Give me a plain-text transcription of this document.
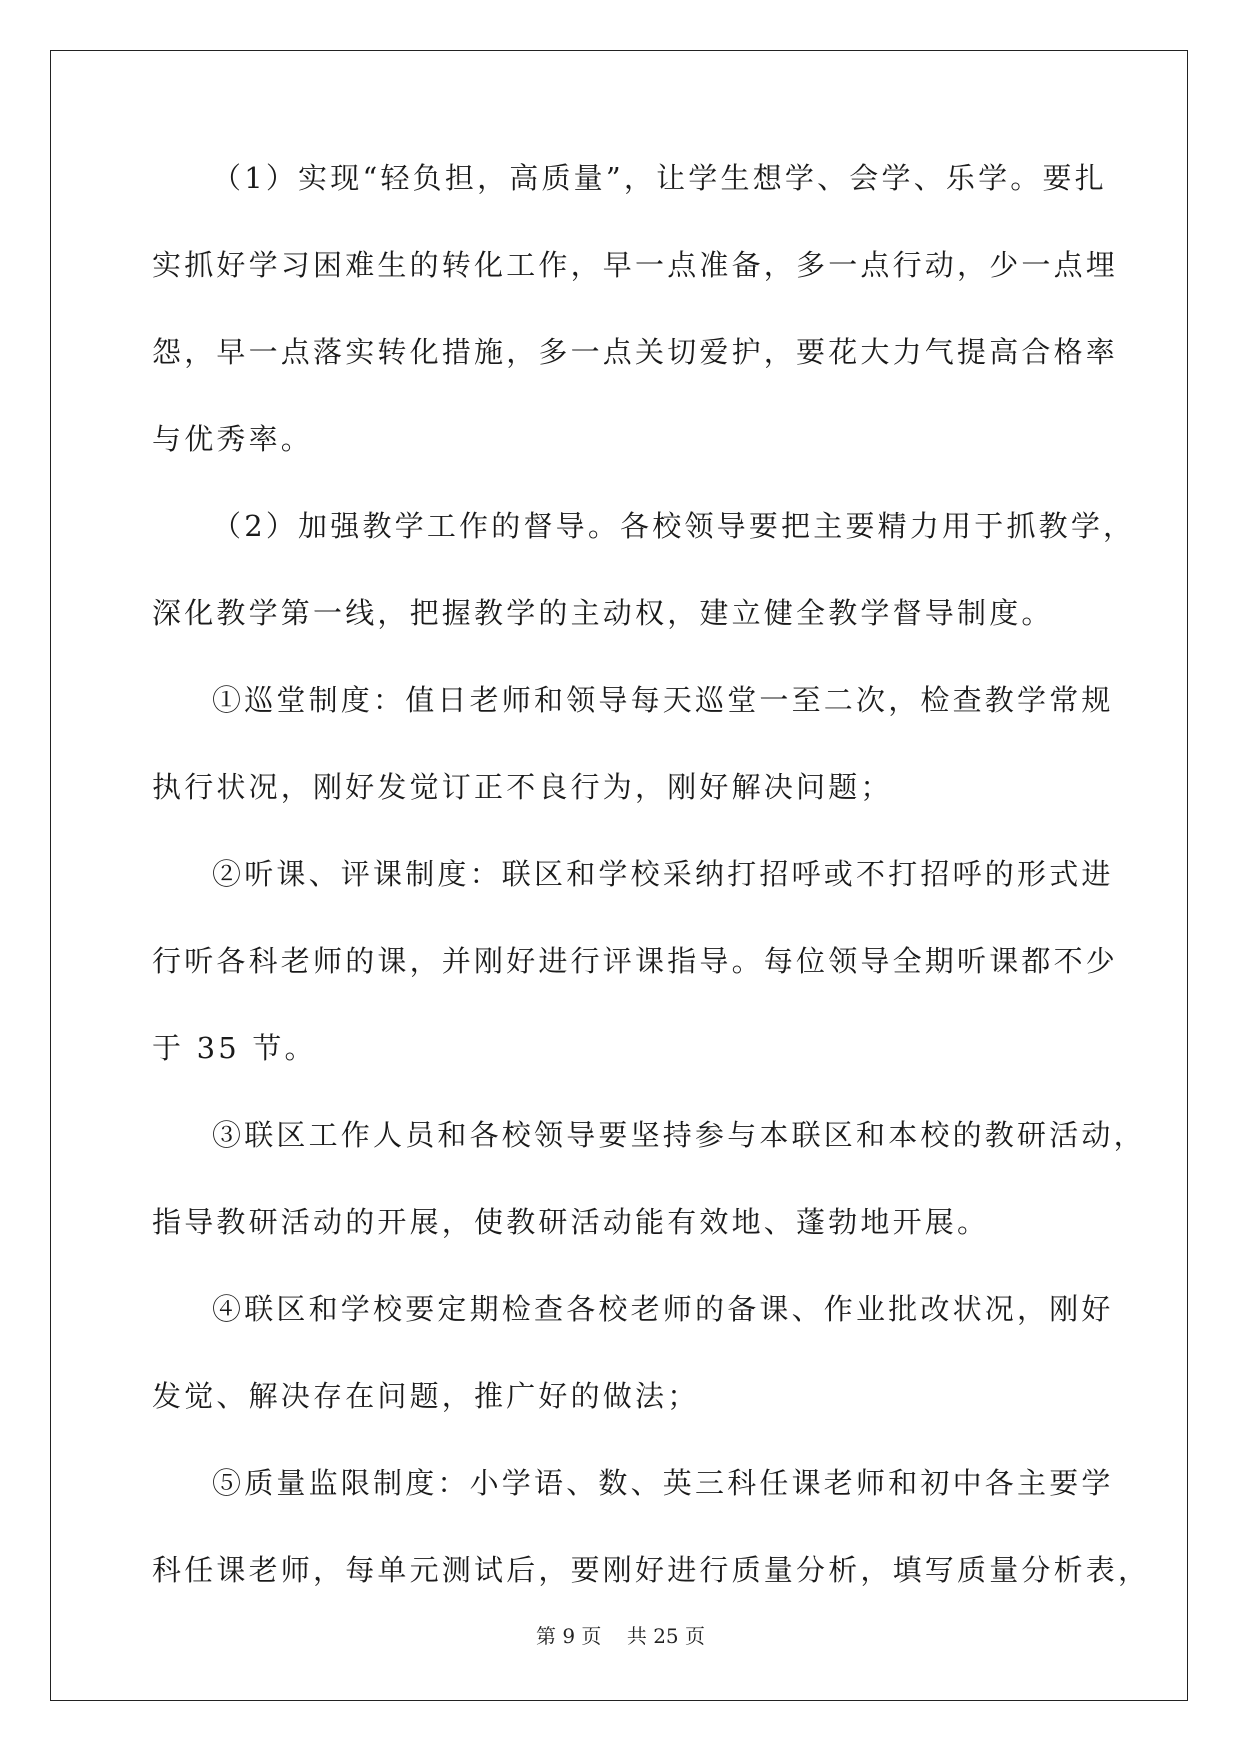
（1）实现“轻负担，高质量”，让学生想学、会学、乐学。要扎
实抓好学习困难生的转化工作，早一点准备，多一点行动，少一点埋
怨，早一点落实转化措施，多一点关切爱护，要花大力气提高合格率
与优秀率。
（2）加强教学工作的督导。各校领导要把主要精力用于抓教学，
深化教学第一线，把握教学的主动权，建立健全教学督导制度。
①巡堂制度：值日老师和领导每天巡堂一至二次，检查教学常规
执行状况，刚好发觉订正不良行为，刚好解决问题；
②听课、评课制度：联区和学校采纳打招呼或不打招呼的形式进
行听各科老师的课，并刚好进行评课指导。每位领导全期听课都不少
于 35 节。
③联区工作人员和各校领导要坚持参与本联区和本校的教研活动，
指导教研活动的开展，使教研活动能有效地、蓬勃地开展。
④联区和学校要定期检查各校老师的备课、作业批改状况，刚好
发觉、解决存在问题，推广好的做法；
⑤质量监限制度：小学语、数、英三科任课老师和初中各主要学
科任课老师，每单元测试后，要刚好进行质量分析，填写质量分析表，
第 9 页    共 25 页
